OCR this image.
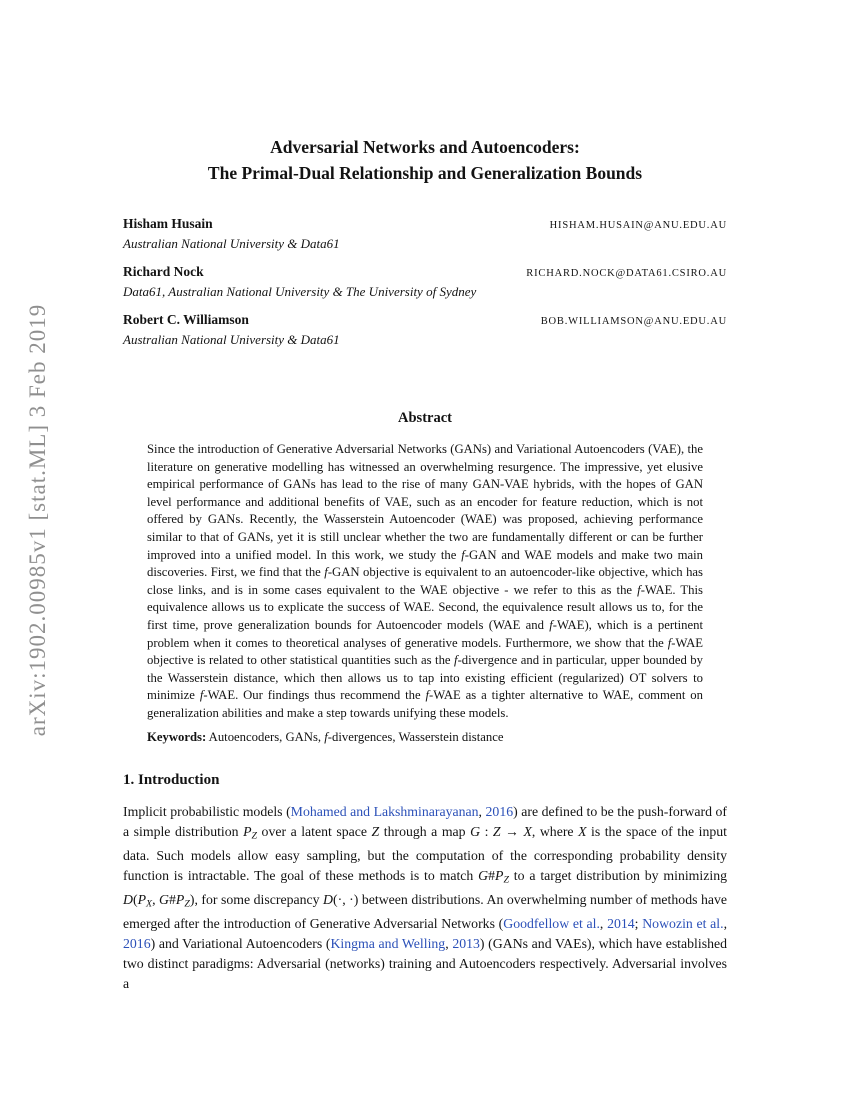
arXiv:1902.00985v1 [stat.ML] 3 Feb 2019
Adversarial Networks and Autoencoders:
The Primal-Dual Relationship and Generalization Bounds
Hisham Husain	HISHAM.HUSAIN@ANU.EDU.AU
Australian National University & Data61
Richard Nock	RICHARD.NOCK@DATA61.CSIRO.AU
Data61, Australian National University & The University of Sydney
Robert C. Williamson	BOB.WILLIAMSON@ANU.EDU.AU
Australian National University & Data61
Abstract
Since the introduction of Generative Adversarial Networks (GANs) and Variational Autoencoders (VAE), the literature on generative modelling has witnessed an overwhelming resurgence. The impressive, yet elusive empirical performance of GANs has lead to the rise of many GAN-VAE hybrids, with the hopes of GAN level performance and additional benefits of VAE, such as an encoder for feature reduction, which is not offered by GANs. Recently, the Wasserstein Autoencoder (WAE) was proposed, achieving performance similar to that of GANs, yet it is still unclear whether the two are fundamentally different or can be further improved into a unified model. In this work, we study the f-GAN and WAE models and make two main discoveries. First, we find that the f-GAN objective is equivalent to an autoencoder-like objective, which has close links, and is in some cases equivalent to the WAE objective - we refer to this as the f-WAE. This equivalence allows us to explicate the success of WAE. Second, the equivalence result allows us to, for the first time, prove generalization bounds for Autoencoder models (WAE and f-WAE), which is a pertinent problem when it comes to theoretical analyses of generative models. Furthermore, we show that the f-WAE objective is related to other statistical quantities such as the f-divergence and in particular, upper bounded by the Wasserstein distance, which then allows us to tap into existing efficient (regularized) OT solvers to minimize f-WAE. Our findings thus recommend the f-WAE as a tighter alternative to WAE, comment on generalization abilities and make a step towards unifying these models.
Keywords: Autoencoders, GANs, f-divergences, Wasserstein distance
1. Introduction
Implicit probabilistic models (Mohamed and Lakshminarayanan, 2016) are defined to be the push-forward of a simple distribution PZ over a latent space Z through a map G : Z → X, where X is the space of the input data. Such models allow easy sampling, but the computation of the corresponding probability density function is intractable. The goal of these methods is to match G#PZ to a target distribution by minimizing D(PX, G#PZ), for some discrepancy D(·, ·) between distributions. An overwhelming number of methods have emerged after the introduction of Generative Adversarial Networks (Goodfellow et al., 2014; Nowozin et al., 2016) and Variational Autoencoders (Kingma and Welling, 2013) (GANs and VAEs), which have established two distinct paradigms: Adversarial (networks) training and Autoencoders respectively. Adversarial involves a
